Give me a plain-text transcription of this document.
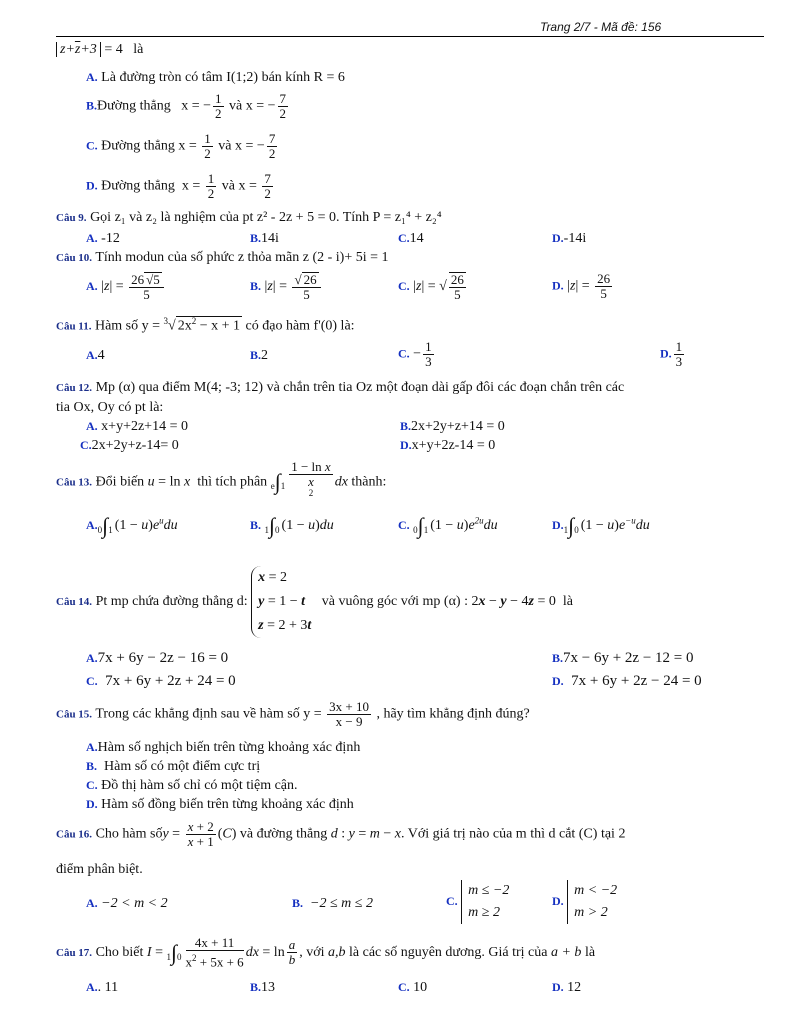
Trang 2/7 - Mã đề: 156
$z+\overline{z}+3 = 4$   là
A. Là đường tròn có tâm I(1;2) bán kính R = 6
B.Đường thẳng   x = − $\frac{1}{2}$ và x = − $\frac{7}{2}$
C. Đường thẳng $x = \frac{1}{2}$ và x = − $\frac{7}{2}$
D. Đường thẳng  $x = \frac{1}{2}$ và $x = \frac{7}{2}$
Câu 9. Gọi z₁ và z₂ là nghiệm của pt z² - 2z + 5 = 0. Tính P = z₁⁴ + z₂⁴
A. -12	B.14i	C.14	D.-14i
Câu 10. Tính modun của số phức z thỏa mãn z (2 - i)+ 5i = 1
A. $|z| = \frac{26 √5}{5}$	B. $|z| = \frac{√ 26}{5}$	C. |z| = √ $\frac{26}{5}$	D. $|z| = \frac{26}{5}$
Câu 11. Hàm số y = $^3$√ $2x^2 - x + 1$ có đạo hàm f'(0) là:
A.4	B.2	C. − $\frac{1}{3}$	D. $\frac{1}{3}$
Câu 12. Mp (α) qua điểm M(4; -3; 12) và chắn trên tia Oz một đoạn dài gấp đôi các đoạn chắn trên các
tia Ox, Oy có pt là:
A. x+y+2z+14 = 0	B.2x+2y+z+14 = 0
C.2x+2y+z-14= 0	D.x+y+2z-14 = 0
Câu 13. Đổi biến u = ln x thì tích phân e∫1
1 − ln x
x
$^2$dx thành:
A.0∫1 $(1 - u)e^udu$	B. 1∫0 (1 − u)du	C. 0∫1 $(1 - u)e^{2u}du$	D.1∫0 $(1 - u)e^{-u}du$
Câu 14. Pt mp chứa đường thẳng d: x = 2
y = 1 − t
z = 2 + 3t   và vuông góc với mp (α) : 2x − y − 4z = 0  là
A.7x + 6y − 2z − 16 = 0	B.7x − 6y + 2z − 12 = 0
C. 7x + 6y + 2z + 24 = 0	D. 7x + 6y + 2z − 24 = 0
Câu 15. Trong các khẳng định sau về hàm số $y = \frac{3x + 10}{x - 9}$ , hãy tìm khẳng định đúng?
A.Hàm số nghịch biến trên từng khoảng xác định
B. Hàm số có một điểm cực trị
C. Đồ thị hàm số chỉ có một tiệm cận.
D. Hàm số đồng biến trên từng khoảng xác định
Câu 16. Cho hàm sốy = $\frac{x + 2}{x + 1} (C)$ và đường thẳng d : y = m − x. Với giá trị nào của m thì d cắt (C) tại 2
điểm phân biệt.
A. −2 < m < 2	B. −2 ≤ m ≤ 2	C. m ≤ −2
m ≥ 2
D. m < −2
m > 2
Câu 17. Cho biết $I = 1\int 0 \frac{4x + 11}{x^2 + 5x + 6}$ dx = $\ln \frac{a}{b}$ , với a,b là các số nguyên dương. Giá trị của a + b là
A.. 11	B.13	C. 10	D. 12
